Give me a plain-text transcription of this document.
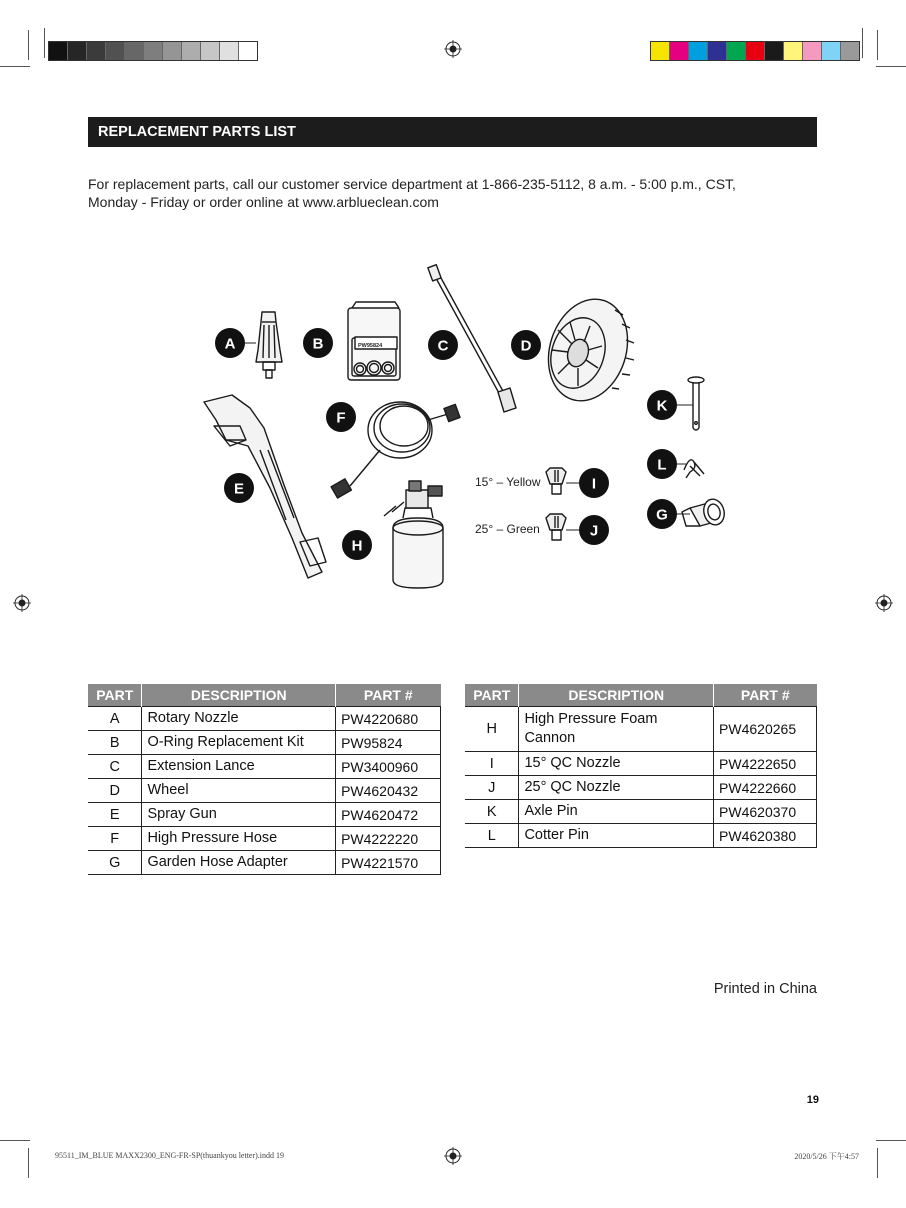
REPLACEMENT PARTS LIST
For replacement parts, call our customer service department at 1-866-235-5112, 8 a.m. - 5:00 p.m., CST,
Monday - Friday or order online at www.arblueclean.com
PW95824
15° – Yellow
25° – Green
A	B	C	D
E
F
G
H
I
J
K
L
PART	DESCRIPTION	PART #
A	Rotary Nozzle	PW4220680
B	O-Ring Replacement Kit	PW95824
C	Extension Lance	PW3400960
D	Wheel	PW4620432
E	Spray Gun	PW4620472
F	High Pressure Hose	PW4222220
G	Garden Hose Adapter	PW4221570
PART	DESCRIPTION	PART #
H	High Pressure Foam Cannon	PW4620265
I	15° QC Nozzle	PW4222650
J	25° QC Nozzle	PW4222660
K	Axle Pin	PW4620370
L	Cotter Pin	PW4620380
Printed in China
19
95511_IM_BLUE MAXX2300_ENG-FR-SP(thuankyou letter).indd 19	2020/5/26 下午4:57
